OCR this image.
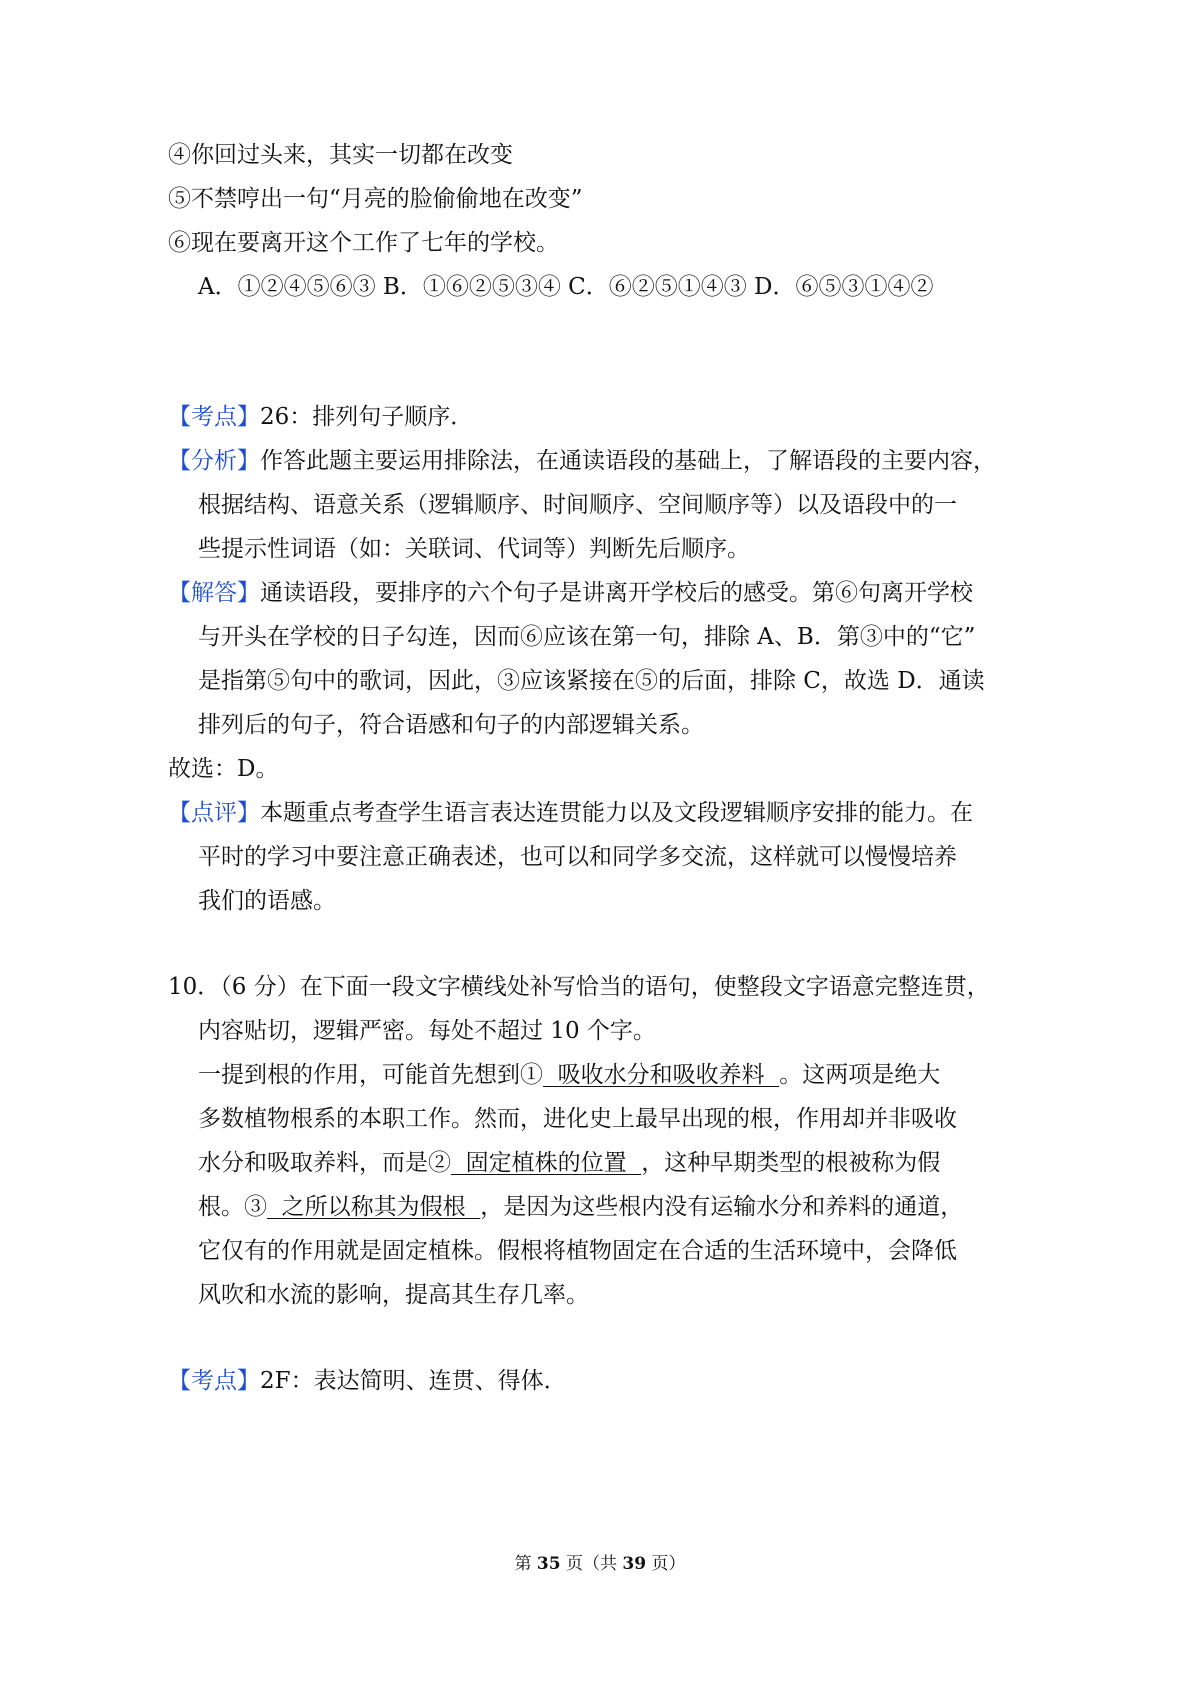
④你回过头来，其实一切都在改变
⑤不禁哼出一句“月亮的脸偷偷地在改变”
⑥现在要离开这个工作了七年的学校。
A．①②④⑤⑥③ B．①⑥②⑤③④ C．⑥②⑤①④③ D．⑥⑤③①④②
【考点】26：排列句子顺序．
【分析】作答此题主要运用排除法，在通读语段的基础上，了解语段的主要内容，
根据结构、语意关系（逻辑顺序、时间顺序、空间顺序等）以及语段中的一
些提示性词语（如：关联词、代词等）判断先后顺序。
【解答】通读语段，要排序的六个句子是讲离开学校后的感受。第⑥句离开学校
与开头在学校的日子勾连，因而⑥应该在第一句，排除 A、B．第③中的“它”
是指第⑤句中的歌词，因此，③应该紧接在⑤的后面，排除 C，故选 D．通读
排列后的句子，符合语感和句子的内部逻辑关系。
故选：D。
【点评】本题重点考查学生语言表达连贯能力以及文段逻辑顺序安排的能力。在
平时的学习中要注意正确表述，也可以和同学多交流，这样就可以慢慢培养
我们的语感。
10．（6 分）在下面一段文字横线处补写恰当的语句，使整段文字语意完整连贯，
内容贴切，逻辑严密。每处不超过 10 个字。
一提到根的作用，可能首先想到①  吸收水分和吸收养料  。这两项是绝大
多数植物根系的本职工作。然而，进化史上最早出现的根，作用却并非吸收
水分和吸取养料，而是②  固定植株的位置  ，这种早期类型的根被称为假
根。③  之所以称其为假根  ，是因为这些根内没有运输水分和养料的通道，
它仅有的作用就是固定植株。假根将植物固定在合适的生活环境中，会降低
风吹和水流的影响，提高其生存几率。
【考点】2F：表达简明、连贯、得体．
第 35 页（共 39 页）
